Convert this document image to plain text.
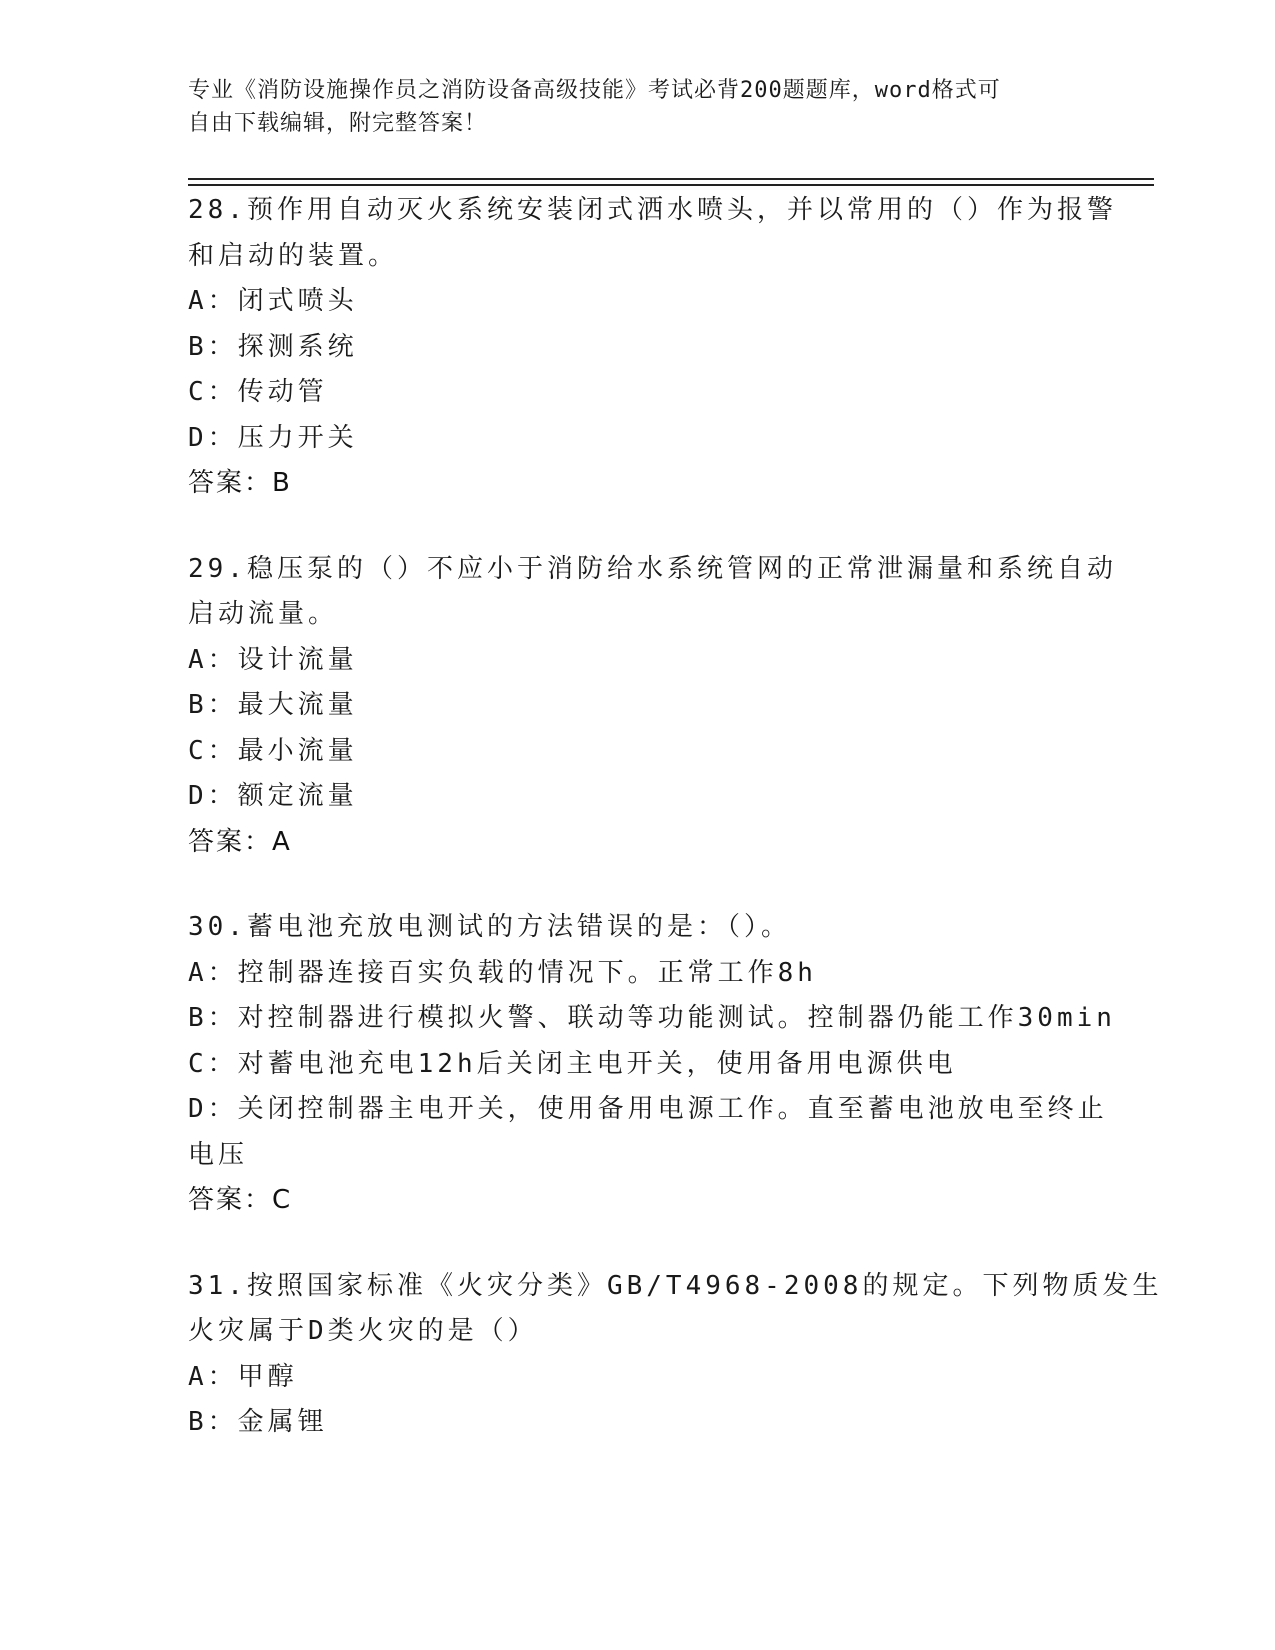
专业《消防设施操作员之消防设备高级技能》考试必背200题题库，word格式可
自由下载编辑，附完整答案！
28.预作用自动灭火系统安装闭式洒水喷头，并以常用的（）作为报警
和启动的装置。
A：闭式喷头
B：探测系统
C：传动管
D：压力开关
答案：B
29.稳压泵的（）不应小于消防给水系统管网的正常泄漏量和系统自动
启动流量。
A：设计流量
B：最大流量
C：最小流量
D：额定流量
答案：A
30.蓄电池充放电测试的方法错误的是：（）。
A：控制器连接百实负载的情况下。正常工作8h
B：对控制器进行模拟火警、联动等功能测试。控制器仍能工作30min
C：对蓄电池充电12h后关闭主电开关，使用备用电源供电
D：关闭控制器主电开关，使用备用电源工作。直至蓄电池放电至终止
电压
答案：C
31.按照国家标准《火灾分类》GB/T4968-2008的规定。下列物质发生
火灾属于D类火灾的是（）
A：甲醇
B：金属锂
